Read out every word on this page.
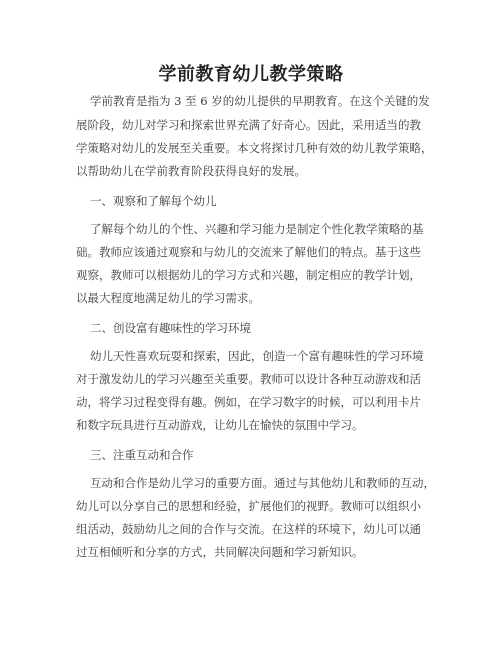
学前教育幼儿教学策略
学前教育是指为 3 至 6 岁的幼儿提供的早期教育。在这个关键的发
展阶段，幼儿对学习和探索世界充满了好奇心。因此，采用适当的教
学策略对幼儿的发展至关重要。本文将探讨几种有效的幼儿教学策略，
以帮助幼儿在学前教育阶段获得良好的发展。
一、观察和了解每个幼儿
了解每个幼儿的个性、兴趣和学习能力是制定个性化教学策略的基
础。教师应该通过观察和与幼儿的交流来了解他们的特点。基于这些
观察，教师可以根据幼儿的学习方式和兴趣，制定相应的教学计划，
以最大程度地满足幼儿的学习需求。
二、创设富有趣味性的学习环境
幼儿天性喜欢玩耍和探索，因此，创造一个富有趣味性的学习环境
对于激发幼儿的学习兴趣至关重要。教师可以设计各种互动游戏和活
动，将学习过程变得有趣。例如，在学习数字的时候，可以利用卡片
和数字玩具进行互动游戏，让幼儿在愉快的氛围中学习。
三、注重互动和合作
互动和合作是幼儿学习的重要方面。通过与其他幼儿和教师的互动，
幼儿可以分享自己的思想和经验，扩展他们的视野。教师可以组织小
组活动，鼓励幼儿之间的合作与交流。在这样的环境下，幼儿可以通
过互相倾听和分享的方式，共同解决问题和学习新知识。
